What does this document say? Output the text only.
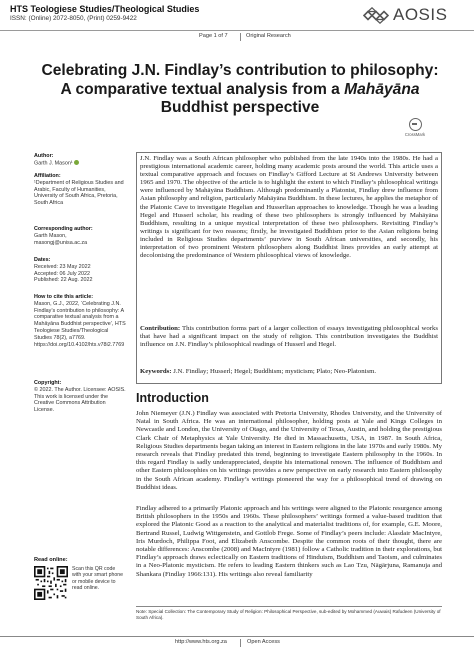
HTS Teologiese Studies/Theological Studies
ISSN: (Online) 2072-8050, (Print) 0259-9422	AOSIS
Page 1 of 7	Original Research
Celebrating J.N. Findlay’s contribution to philosophy:
A comparative textual analysis from a Mahāyāna
Buddhist perspective
CrossMark
Author:
Garth J. Mason¹
Affiliation:
¹Department of Religious Studies and Arabic, Faculty of Humanities, University of South Africa, Pretoria, South Africa
Corresponding author:
Garth Mason,
masongj@unisa.ac.za
Dates:
Received: 23 May 2022
Accepted: 06 July 2022
Published: 22 Aug. 2022
How to cite this article:
Mason, G.J., 2022, ‘Celebrating J.N. Findlay’s contribution to philosophy: A comparative textual analysis from a Mahāyāna Buddhist perspective’, HTS Teologiese Studies/Theological Studies 78(2), a7769. https://doi.org/10.4102/hts.v78i2.7769
Copyright:
© 2022. The Author. Licensee: AOSIS. This work is licensed under the Creative Commons Attribution License.
Read online:
Scan this QR code with your smart phone or mobile device to read online.
J.N. Findlay was a South African philosopher who published from the late 1940s into the 1980s. He had a prestigious international academic career, holding many academic posts around the world. This article uses a textual comparative approach and focuses on Findlay’s Gifford Lecture at St Andrews University between 1965 and 1970. The objective of the article is to highlight the extent to which Findlay’s philosophical writings were influenced by Mahāyāna Buddhism. Although predominantly a Platonist, Findlay drew influence from Asian philosophy and religion, particularly Mahāyāna Buddhism. In these lectures, he applies the metaphor of the Platonic Cave to investigate Hegelian and Husserlian approaches to knowledge. Though he was a leading Hegel and Husserl scholar, his reading of these two philosophers is strongly influenced by Mahāyāna Buddhism, resulting in a unique mystical interpretation of these two philosophers. Revisiting Findlay’s writings is significant for two reasons; firstly, he investigated Buddhism prior to the Asian religions being included in Religious Studies departments’ purview in South African universities, and secondly, his interpretation of two prominent Western philosophers along Buddhist lines provides an early attempt at decolonising the predominance of Western philosophical views of knowledge.
Contribution: This contribution forms part of a larger collection of essays investigating philosophical works that have had a significant impact on the study of religion. This contribution investigates the Buddhist influence on J.N. Findlay’s philosophical readings of Husserl and Hegel.
Keywords: J.N. Findlay; Husserl; Hegel; Buddhism; mysticism; Plato; Neo-Platonism.
Introduction
John Niemeyer (J.N.) Findlay was associated with Pretoria University, Rhodes University, and the University of Natal in South Africa. He was an international philosopher, holding posts at Yale and Kings Colleges in Newcastle and London, the University of Otago, and the University of Texas, Austin, and holding the prestigious Clark Chair of Metaphysics at Yale University. He died in Massachusetts, USA, in 1987. In South Africa, Religious Studies departments began taking an interest in Eastern religions in the late 1970s and early 1980s. My research reveals that Findlay predated this trend, beginning to investigate Eastern philosophy in the 1960s. In this regard Findlay is sadly underappreciated, despite his international renown. The influence of Buddhism and other Eastern philosophies on his writings provides a new perspective on early research into Eastern philosophy in the South African academy. Findlay’s writings pioneered the way for a philosophical trend of drawing on Buddhist ideas.
Findlay adhered to a primarily Platonic approach and his writings were aligned to the Platonic resurgence among British philosophers in the 1950s and 1960s. These philosophers’ writings formed a value-based tradition that explored the Platonic Good as a reaction to the analytical and materialist traditions of, for example, G.E. Moore, Bertrand Russel, Ludwig Wittgenstein, and Gottlob Frege. Some of Findlay’s peers include: Alasdair MacIntyre, Iris Murdoch, Philippa Foot, and Elizabeth Anscombe. Despite the common roots of their thought, there are notable differences: Anscombe (2008) and MacIntyre (1981) follow a Catholic tradition in their explorations, but Findlay’s approach draws eclectically on Eastern traditions of Hinduism, Buddhism and Taoism, and culminates in a Neo-Platonic mysticism. He refers to leading Eastern thinkers such as Lao Tzu, Nāgārjuna, Ramanuja and Shankara (Findlay 1966:131). His writings also reveal familiarity
Note: Special Collection: The Contemporary Study of Religion: Philosophical Perspective, sub-edited by Mohammed (Auwais) Rafudeen (University of South Africa).
http://www.hts.org.za	Open Access
